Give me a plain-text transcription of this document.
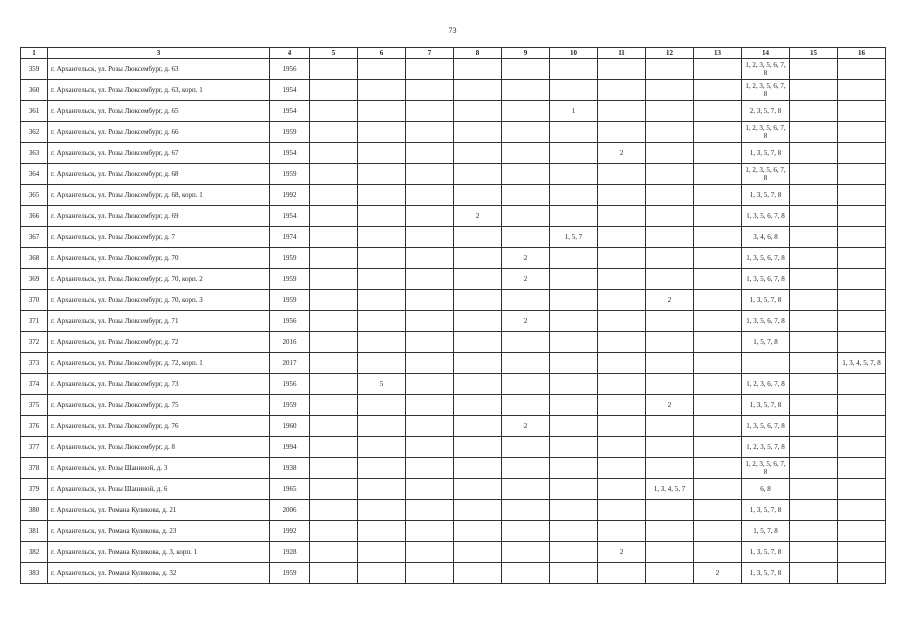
73
1	3	4	5	6	7	8	9	10	11	12	13	14	15	16
359	г. Архангельск, ул. Розы Люксембург, д. 63	1956										1, 2, 3, 5, 6, 7, 8		
360	г. Архангельск, ул. Розы Люксембург, д. 63, корп. 1	1954										1, 2, 3, 5, 6, 7, 8		
361	г. Архангельск, ул. Розы Люксембург, д. 65	1954						1				2, 3, 5, 7, 8		
362	г. Архангельск, ул. Розы Люксембург, д. 66	1959										1, 2, 3, 5, 6, 7, 8		
363	г. Архангельск, ул. Розы Люксембург, д. 67	1954							2			1, 3, 5, 7, 8		
364	г. Архангельск, ул. Розы Люксембург, д. 68	1959										1, 2, 3, 5, 6, 7, 8		
365	г. Архангельск, ул. Розы Люксембург, д. 68, корп. 1	1992										1, 3, 5, 7, 8		
366	г. Архангельск, ул. Розы Люксембург, д. 69	1954				2						1, 3, 5, 6, 7, 8		
367	г. Архангельск, ул. Розы Люксембург, д. 7	1974						1, 5, 7				3, 4, 6, 8		
368	г. Архангельск, ул. Розы Люксембург, д. 70	1959					2					1, 3, 5, 6, 7, 8		
369	г. Архангельск, ул. Розы Люксембург, д. 70, корп. 2	1959					2					1, 3, 5, 6, 7, 8		
370	г. Архангельск, ул. Розы Люксембург, д. 70, корп. 3	1959								2		1, 3, 5, 7, 8		
371	г. Архангельск, ул. Розы Люксембург, д. 71	1956					2					1, 3, 5, 6, 7, 8		
372	г. Архангельск, ул. Розы Люксембург, д. 72	2016										1, 5, 7, 8		
373	г. Архангельск, ул. Розы Люксембург, д. 72, корп. 1	2017												1, 3, 4, 5, 7, 8
374	г. Архангельск, ул. Розы Люксембург, д. 73	1956		5								1, 2, 3, 6, 7, 8		
375	г. Архангельск, ул. Розы Люксембург, д. 75	1959								2		1, 3, 5, 7, 8		
376	г. Архангельск, ул. Розы Люксембург, д. 76	1960					2					1, 3, 5, 6, 7, 8		
377	г. Архангельск, ул. Розы Люксембург, д. 8	1994										1, 2, 3, 5, 7, 8		
378	г. Архангельск, ул. Розы Шаниной, д. 3	1938										1, 2, 3, 5, 6, 7, 8		
379	г. Архангельск, ул. Розы Шаниной, д. 6	1965								1, 3, 4, 5, 7		6, 8		
380	г. Архангельск, ул. Романа Куликова, д. 21	2006										1, 3, 5, 7, 8		
381	г. Архангельск, ул. Романа Куликова, д. 23	1992										1, 5, 7, 8		
382	г. Архангельск, ул. Романа Куликова, д. 3, корп. 1	1928							2			1, 3, 5, 7, 8		
383	г. Архангельск, ул. Романа Куликова, д. 32	1959									2	1, 3, 5, 7, 8		
